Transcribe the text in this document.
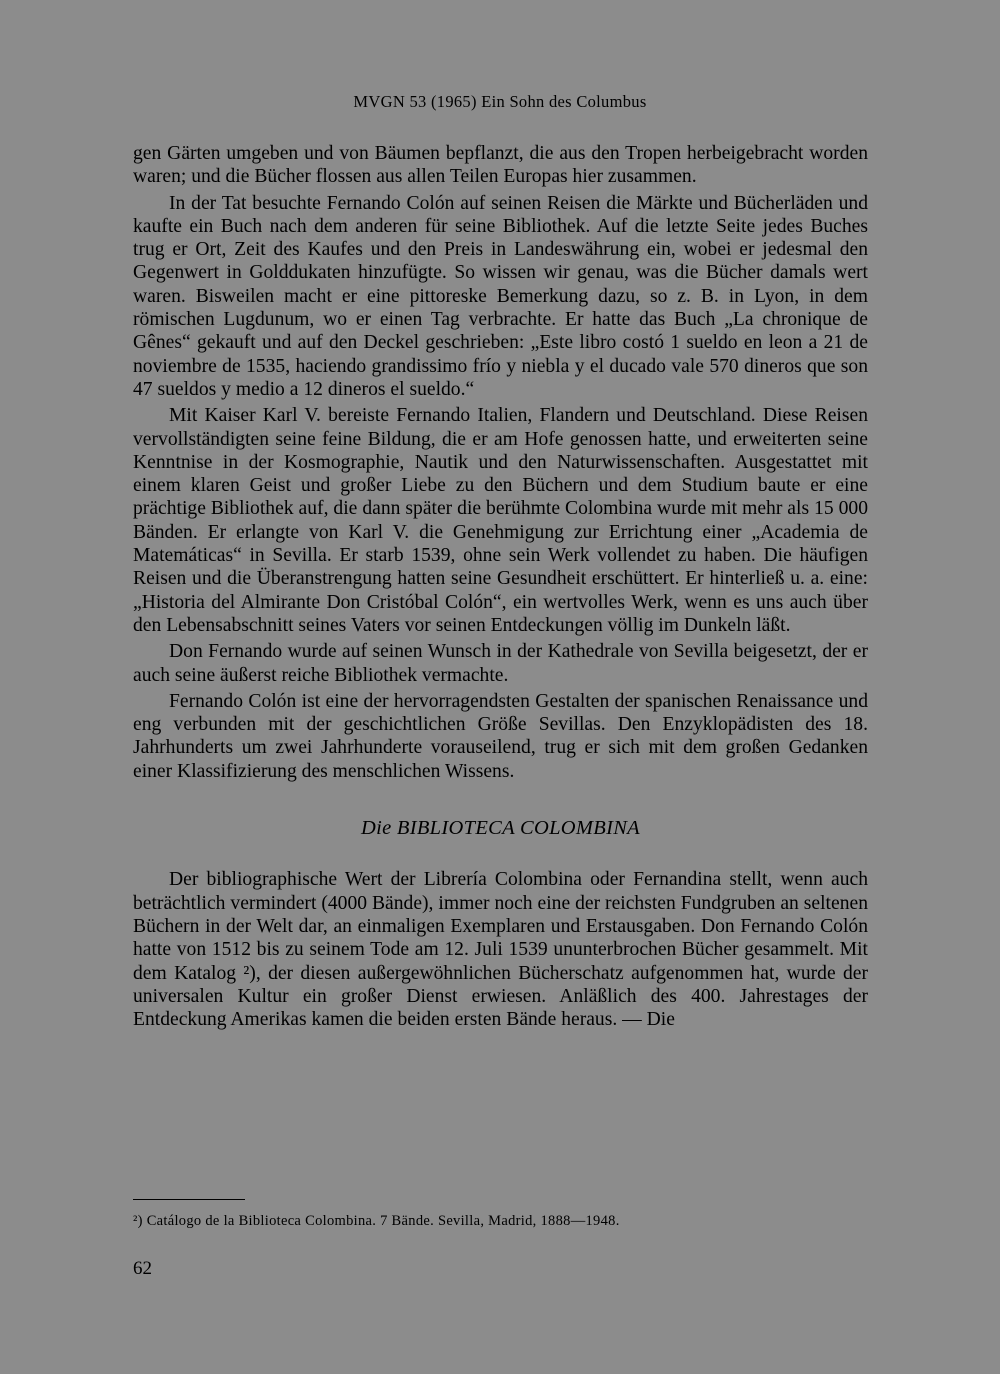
MVGN 53 (1965) Ein Sohn des Columbus

gen Gärten umgeben und von Bäumen bepflanzt, die aus den Tropen herbeigebracht worden waren; und die Bücher flossen aus allen Teilen Europas hier zusammen.

In der Tat besuchte Fernando Colón auf seinen Reisen die Märkte und Bücherläden und kaufte ein Buch nach dem anderen für seine Bibliothek. Auf die letzte Seite jedes Buches trug er Ort, Zeit des Kaufes und den Preis in Landeswährung ein, wobei er jedesmal den Gegenwert in Golddukaten hinzufügte. So wissen wir genau, was die Bücher damals wert waren. Bisweilen macht er eine pittoreske Bemerkung dazu, so z. B. in Lyon, in dem römischen Lugdunum, wo er einen Tag verbrachte. Er hatte das Buch „La chronique de Gênes“ gekauft und auf den Deckel geschrieben: „Este libro costó 1 sueldo en leon a 21 de noviembre de 1535, haciendo grandissimo frío y niebla y el ducado vale 570 dineros que son 47 sueldos y medio a 12 dineros el sueldo.“

Mit Kaiser Karl V. bereiste Fernando Italien, Flandern und Deutschland. Diese Reisen vervollständigten seine feine Bildung, die er am Hofe genossen hatte, und erweiterten seine Kenntnise in der Kosmographie, Nautik und den Naturwissenschaften. Ausgestattet mit einem klaren Geist und großer Liebe zu den Büchern und dem Studium baute er eine prächtige Bibliothek auf, die dann später die berühmte Colombina wurde mit mehr als 15 000 Bänden. Er erlangte von Karl V. die Genehmigung zur Errichtung einer „Academia de Matemáticas“ in Sevilla. Er starb 1539, ohne sein Werk vollendet zu haben. Die häufigen Reisen und die Überanstrengung hatten seine Gesundheit erschüttert. Er hinterließ u. a. eine: „Historia del Almirante Don Cristóbal Colón“, ein wertvolles Werk, wenn es uns auch über den Lebensabschnitt seines Vaters vor seinen Entdeckungen völlig im Dunkeln läßt.

Don Fernando wurde auf seinen Wunsch in der Kathedrale von Sevilla beigesetzt, der er auch seine äußerst reiche Bibliothek vermachte.

Fernando Colón ist eine der hervorragendsten Gestalten der spanischen Renaissance und eng verbunden mit der geschichtlichen Größe Sevillas. Den Enzyklopädisten des 18. Jahrhunderts um zwei Jahrhunderte vorauseilend, trug er sich mit dem großen Gedanken einer Klassifizierung des menschlichen Wissens.

Die BIBLIOTECA COLOMBINA

Der bibliographische Wert der Librería Colombina oder Fernandina stellt, wenn auch beträchtlich vermindert (4000 Bände), immer noch eine der reichsten Fundgruben an seltenen Büchern in der Welt dar, an einmaligen Exemplaren und Erstausgaben. Don Fernando Colón hatte von 1512 bis zu seinem Tode am 12. Juli 1539 ununterbrochen Bücher gesammelt. Mit dem Katalog ²), der diesen außergewöhnlichen Bücherschatz aufgenommen hat, wurde der universalen Kultur ein großer Dienst erwiesen. Anläßlich des 400. Jahrestages der Entdeckung Amerikas kamen die beiden ersten Bände heraus. — Die

²) Catálogo de la Biblioteca Colombina. 7 Bände. Sevilla, Madrid, 1888—1948.
62
